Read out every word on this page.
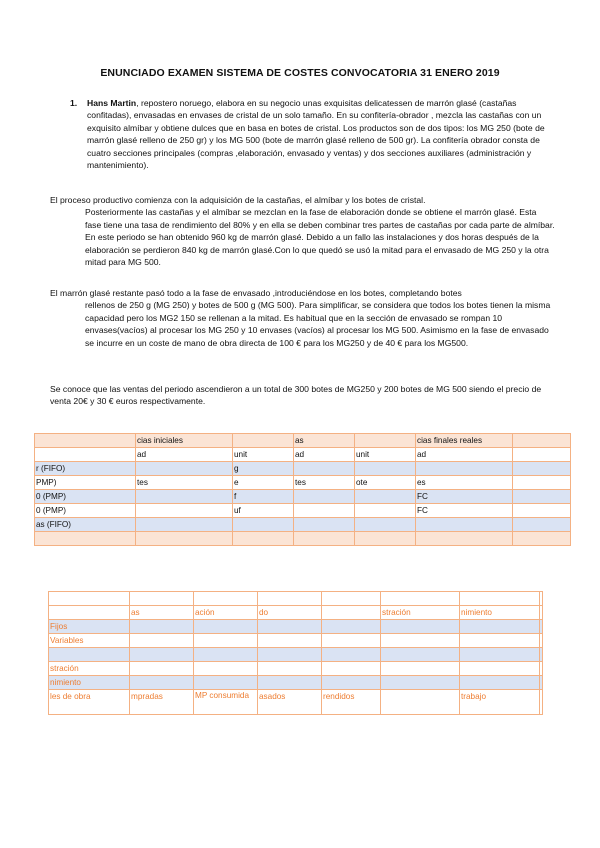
ENUNCIADO EXAMEN SISTEMA DE COSTES CONVOCATORIA 31 ENERO 2019
1. Hans Martin, repostero noruego, elabora en su negocio unas exquisitas delicatessen de marrón glasé (castañas confitadas), envasadas en envases de cristal de un solo tamaño. En su confitería-obrador , mezcla las castañas con un exquisito almíbar y obtiene dulces que en basa en botes de cristal. Los productos son de dos tipos: los MG 250 (bote de marrón glasé relleno de 250 gr) y los MG 500 (bote de marrón glasé relleno de 500 gr). La confitería obrador consta de cuatro secciones principales (compras ,elaboración, envasado y ventas) y dos secciones auxiliares (administración y mantenimiento).
El proceso productivo comienza con la adquisición de la castañas, el almíbar y los botes de cristal.
Posteriormente las castañas y el almíbar se mezclan en la fase de elaboración donde se obtiene el marrón glasé. Esta fase tiene una tasa de rendimiento del 80% y en ella se deben combinar tres partes de castañas por cada parte de almíbar. En este periodo se han obtenido 960 kg de marrón glasé. Debido a un fallo las instalaciones y dos horas después de la elaboración se perdieron 840 kg de marrón glasé.Con lo que quedó se usó la mitad para el envasado de MG 250 y la otra mitad para MG 500.
El marrón glasé restante pasó todo a la fase de envasado ,introduciéndose en los botes, completando botes
rellenos de 250 g (MG 250) y botes de 500 g (MG 500). Para simplificar, se considera que todos los botes tienen la misma capacidad pero los MG2 150 se rellenan a la mitad. Es habitual que en la sección de envasado se rompan 10 envases(vacíos) al procesar los MG 250 y 10 envases (vacíos) al procesar los MG 500. Asimismo en la fase de envasado se incurre en un coste de mano de obra directa de 100 € para los MG250 y de 40 € para los MG500.
Se conoce que las ventas del periodo ascendieron a un total de 300 botes de MG250 y 200 botes de MG 500 siendo el precio de venta 20€ y 30 € euros respectivamente.
	cias iniciales		as		cias finales reales	
	ad	unit	ad	unit	ad	
r (FIFO)		g				
PMP)	tes	e	tes	ote	es	
0 (PMP)		f			FC	
0 (PMP)		uf			FC	
as (FIFO)						

	as	ación	do		stración	nimiento	
Fijos							
Variables							

stración							
nimiento							
les de obra	mpradas	MP consumida	asados	rendidos		trabajo	
